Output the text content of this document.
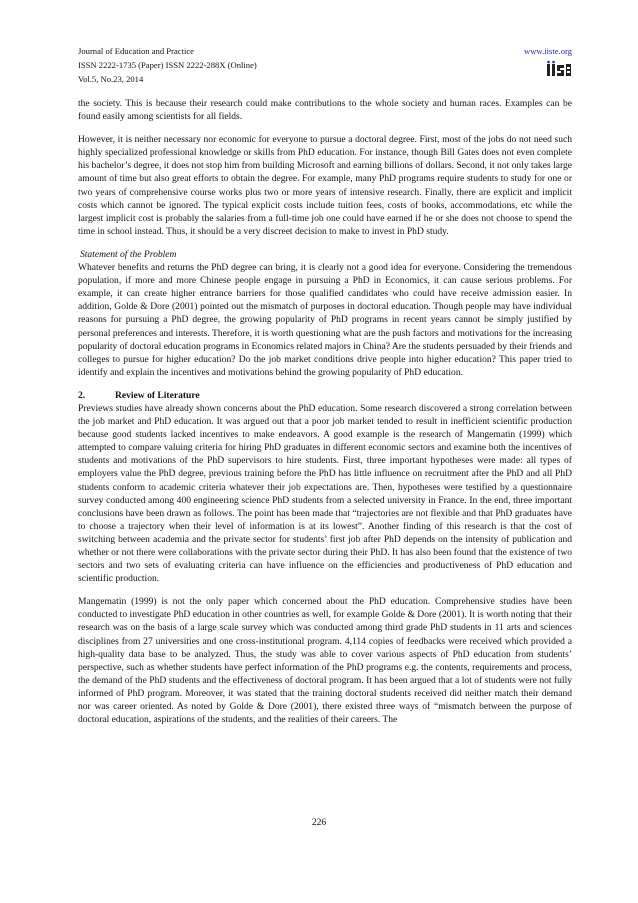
Journal of Education and Practice
ISSN 2222-1735 (Paper) ISSN 2222-288X (Online)
Vol.5, No.23, 2014
www.iiste.org

the society. This is because their research could make contributions to the whole society and human races. Examples can be found easily among scientists for all fields.

However, it is neither necessary nor economic for everyone to pursue a doctoral degree. First, most of the jobs do not need such highly specialized professional knowledge or skills from PhD education. For instance, though Bill Gates does not even complete his bachelor’s degree, it does not stop him from building Microsoft and earning billions of dollars. Second, it not only takes large amount of time but also great efforts to obtain the degree. For example, many PhD programs require students to study for one or two years of comprehensive course works plus two or more years of intensive research. Finally, there are explicit and implicit costs which cannot be ignored. The typical explicit costs include tuition fees, costs of books, accommodations, etc while the largest implicit cost is probably the salaries from a full-time job one could have earned if he or she does not choose to spend the time in school instead. Thus, it should be a very discreet decision to make to invest in PhD study.

Statement of the Problem

Whatever benefits and returns the PhD degree can bring, it is clearly not a good idea for everyone. Considering the tremendous population, if more and more Chinese people engage in pursuing a PhD in Economics, it can cause serious problems. For example, it can create higher entrance barriers for those qualified candidates who could have receive admission easier. In addition, Golde & Dore (2001) pointed out the mismatch of purposes in doctoral education. Though people may have individual reasons for pursuing a PhD degree, the growing popularity of PhD programs in recent years cannot be simply justified by personal preferences and interests. Therefore, it is worth questioning what are the push factors and motivations for the increasing popularity of doctoral education programs in Economics related majors in China? Are the students persuaded by their friends and colleges to pursue for higher education? Do the job market conditions drive people into higher education? This paper tried to identify and explain the incentives and motivations behind the growing popularity of PhD education.

2.	Review of Literature

Previews studies have already shown concerns about the PhD education. Some research discovered a strong correlation between the job market and PhD education. It was argued out that a poor job market tended to result in inefficient scientific production because good students lacked incentives to make endeavors. A good example is the research of Mangematin (1999) which attempted to compare valuing criteria for hiring PhD graduates in different economic sectors and examine both the incentives of students and motivations of the PhD supervisors to hire students. First, three important hypotheses were made: all types of employers value the PhD degree, previous training before the PhD has little influence on recruitment after the PhD and all PhD students conform to academic criteria whatever their job expectations are. Then, hypotheses were testified by a questionnaire survey conducted among 400 engineering science PhD students from a selected university in France. In the end, three important conclusions have been drawn as follows. The point has been made that “trajectories are not flexible and that PhD graduates have to choose a trajectory when their level of information is at its lowest”. Another finding of this research is that the cost of switching between academia and the private sector for students’ first job after PhD depends on the intensity of publication and whether or not there were collaborations with the private sector during their PhD. It has also been found that the existence of two sectors and two sets of evaluating criteria can have influence on the efficiencies and productiveness of PhD education and scientific production.

Mangematin (1999) is not the only paper which concerned about the PhD education. Comprehensive studies have been conducted to investigate PhD education in other countries as well, for example Golde & Dore (2001). It is worth noting that their research was on the basis of a large scale survey which was conducted among third grade PhD students in 11 arts and sciences disciplines from 27 universities and one cross-institutional program. 4,114 copies of feedbacks were received which provided a high-quality data base to be analyzed. Thus, the study was able to cover various aspects of PhD education from students’ perspective, such as whether students have perfect information of the PhD programs e.g. the contents, requirements and process, the demand of the PhD students and the effectiveness of doctoral program. It has been argued that a lot of students were not fully informed of PhD program. Moreover, it was stated that the training doctoral students received did neither match their demand nor was career oriented. As noted by Golde & Dore (2001), there existed three ways of “mismatch between the purpose of doctoral education, aspirations of the students, and the realities of their careers. The

226
